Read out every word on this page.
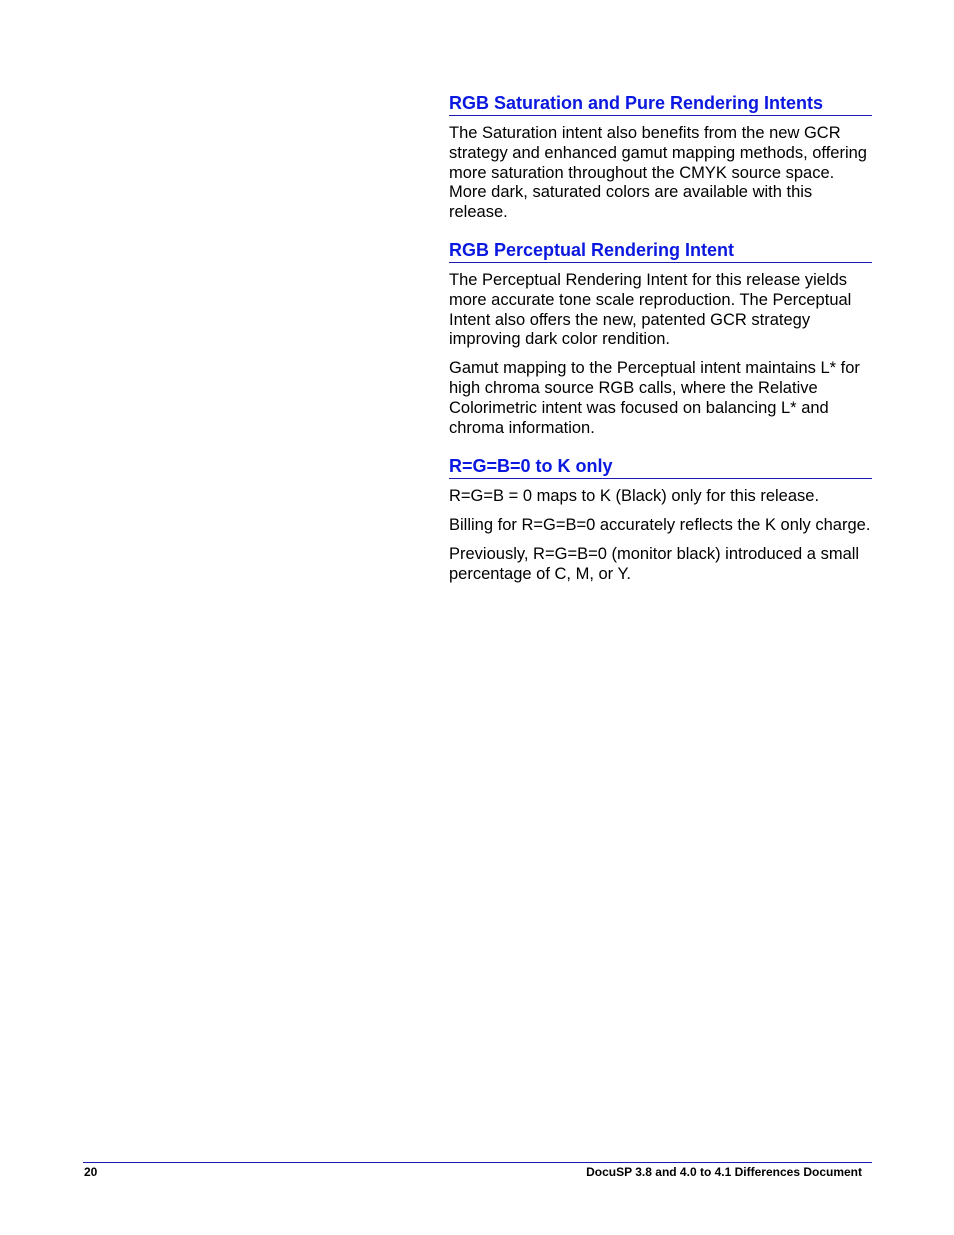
RGB Saturation and Pure Rendering Intents

The Saturation intent also benefits from the new GCR strategy and enhanced gamut mapping methods, offering more saturation throughout the CMYK source space. More dark, saturated colors are available with this release.

RGB Perceptual Rendering Intent

The Perceptual Rendering Intent for this release yields more accurate tone scale reproduction. The Perceptual Intent also offers the new, patented GCR strategy improving dark color rendition.

Gamut mapping to the Perceptual intent maintains L* for high chroma source RGB calls, where the Relative Colorimetric intent was focused on balancing L* and chroma information.

R=G=B=0 to K only

R=G=B = 0 maps to K (Black) only for this release.

Billing for R=G=B=0 accurately reflects the K only charge.

Previously, R=G=B=0 (monitor black) introduced a small percentage of C, M, or Y.

20	DocuSP 3.8 and 4.0 to 4.1 Differences Document
